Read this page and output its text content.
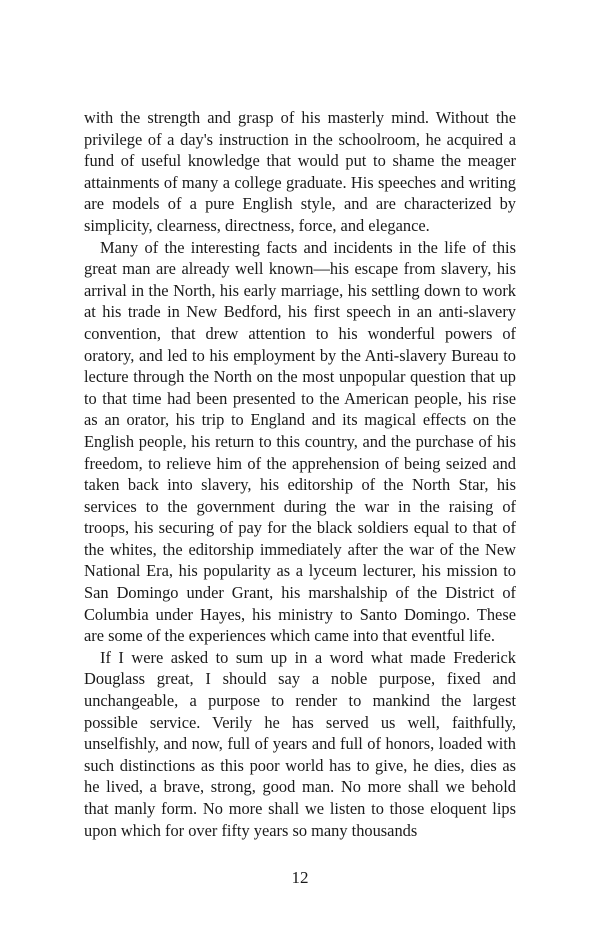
with the strength and grasp of his masterly mind. Without the privilege of a day's instruction in the schoolroom, he acquired a fund of useful knowledge that would put to shame the meager attainments of many a college graduate. His speeches and writing are models of a pure English style, and are characterized by simplicity, clearness, directness, force, and elegance.

Many of the interesting facts and incidents in the life of this great man are already well known—his escape from slavery, his arrival in the North, his early marriage, his settling down to work at his trade in New Bedford, his first speech in an anti-slavery convention, that drew attention to his wonderful powers of oratory, and led to his employment by the Anti-slavery Bureau to lecture through the North on the most unpopular question that up to that time had been presented to the American people, his rise as an orator, his trip to England and its magical effects on the English people, his return to this country, and the purchase of his freedom, to relieve him of the apprehension of being seized and taken back into slavery, his editorship of the North Star, his services to the government during the war in the raising of troops, his securing of pay for the black soldiers equal to that of the whites, the editorship immediately after the war of the New National Era, his popularity as a lyceum lecturer, his mission to San Domingo under Grant, his marshalship of the District of Columbia under Hayes, his ministry to Santo Domingo. These are some of the experiences which came into that eventful life.

If I were asked to sum up in a word what made Frederick Douglass great, I should say a noble purpose, fixed and unchangeable, a purpose to render to mankind the largest possible service. Verily he has served us well, faithfully, unselfishly, and now, full of years and full of honors, loaded with such distinctions as this poor world has to give, he dies, dies as he lived, a brave, strong, good man. No more shall we behold that manly form. No more shall we listen to those eloquent lips upon which for over fifty years so many thousands

12
